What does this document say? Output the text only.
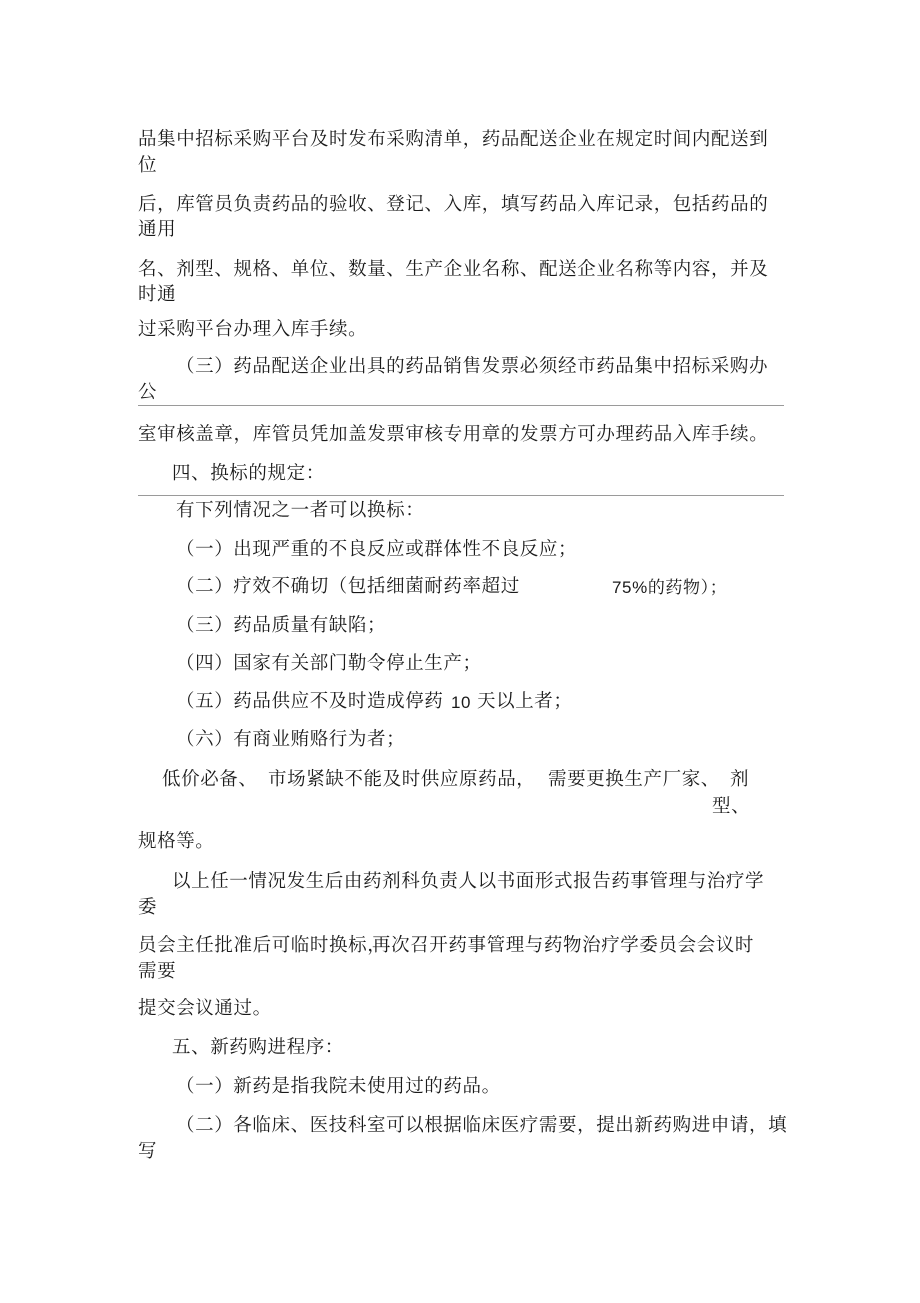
品集中招标采购平台及时发布采购清单，药品配送企业在规定时间内配送到
位
后，库管员负责药品的验收、登记、入库，填写药品入库记录，包括药品的
通用
名、剂型、规格、单位、数量、生产企业名称、配送企业名称等内容，并及
时通
过采购平台办理入库手续。
（三）药品配送企业出具的药品销售发票必须经市药品集中招标采购办
公
室审核盖章，库管员凭加盖发票审核专用章的发票方可办理药品入库手续。
四、换标的规定：
有下列情况之一者可以换标：
（一）出现严重的不良反应或群体性不良反应；
（二）疗效不确切（包括细菌耐药率超过	75%的药物）；
（三）药品质量有缺陷；
（四）国家有关部门勒令停止生产；
（五）药品供应不及时造成停药 10 天以上者；
（六）有商业贿赂行为者；
低价必备、 市场紧缺不能及时供应原药品， 需要更换生产厂家、 剂
型、
规格等。
以上任一情况发生后由药剂科负责人以书面形式报告药事管理与治疗学
委
员会主任批准后可临时换标，
再次召开药事管理与药物治疗学委员会会议时
需要
提交会议通过。
五、新药购进程序：
（一）新药是指我院未使用过的药品。
（二）各临床、医技科室可以根据临床医疗需要，提出新药购进申请，填
写
